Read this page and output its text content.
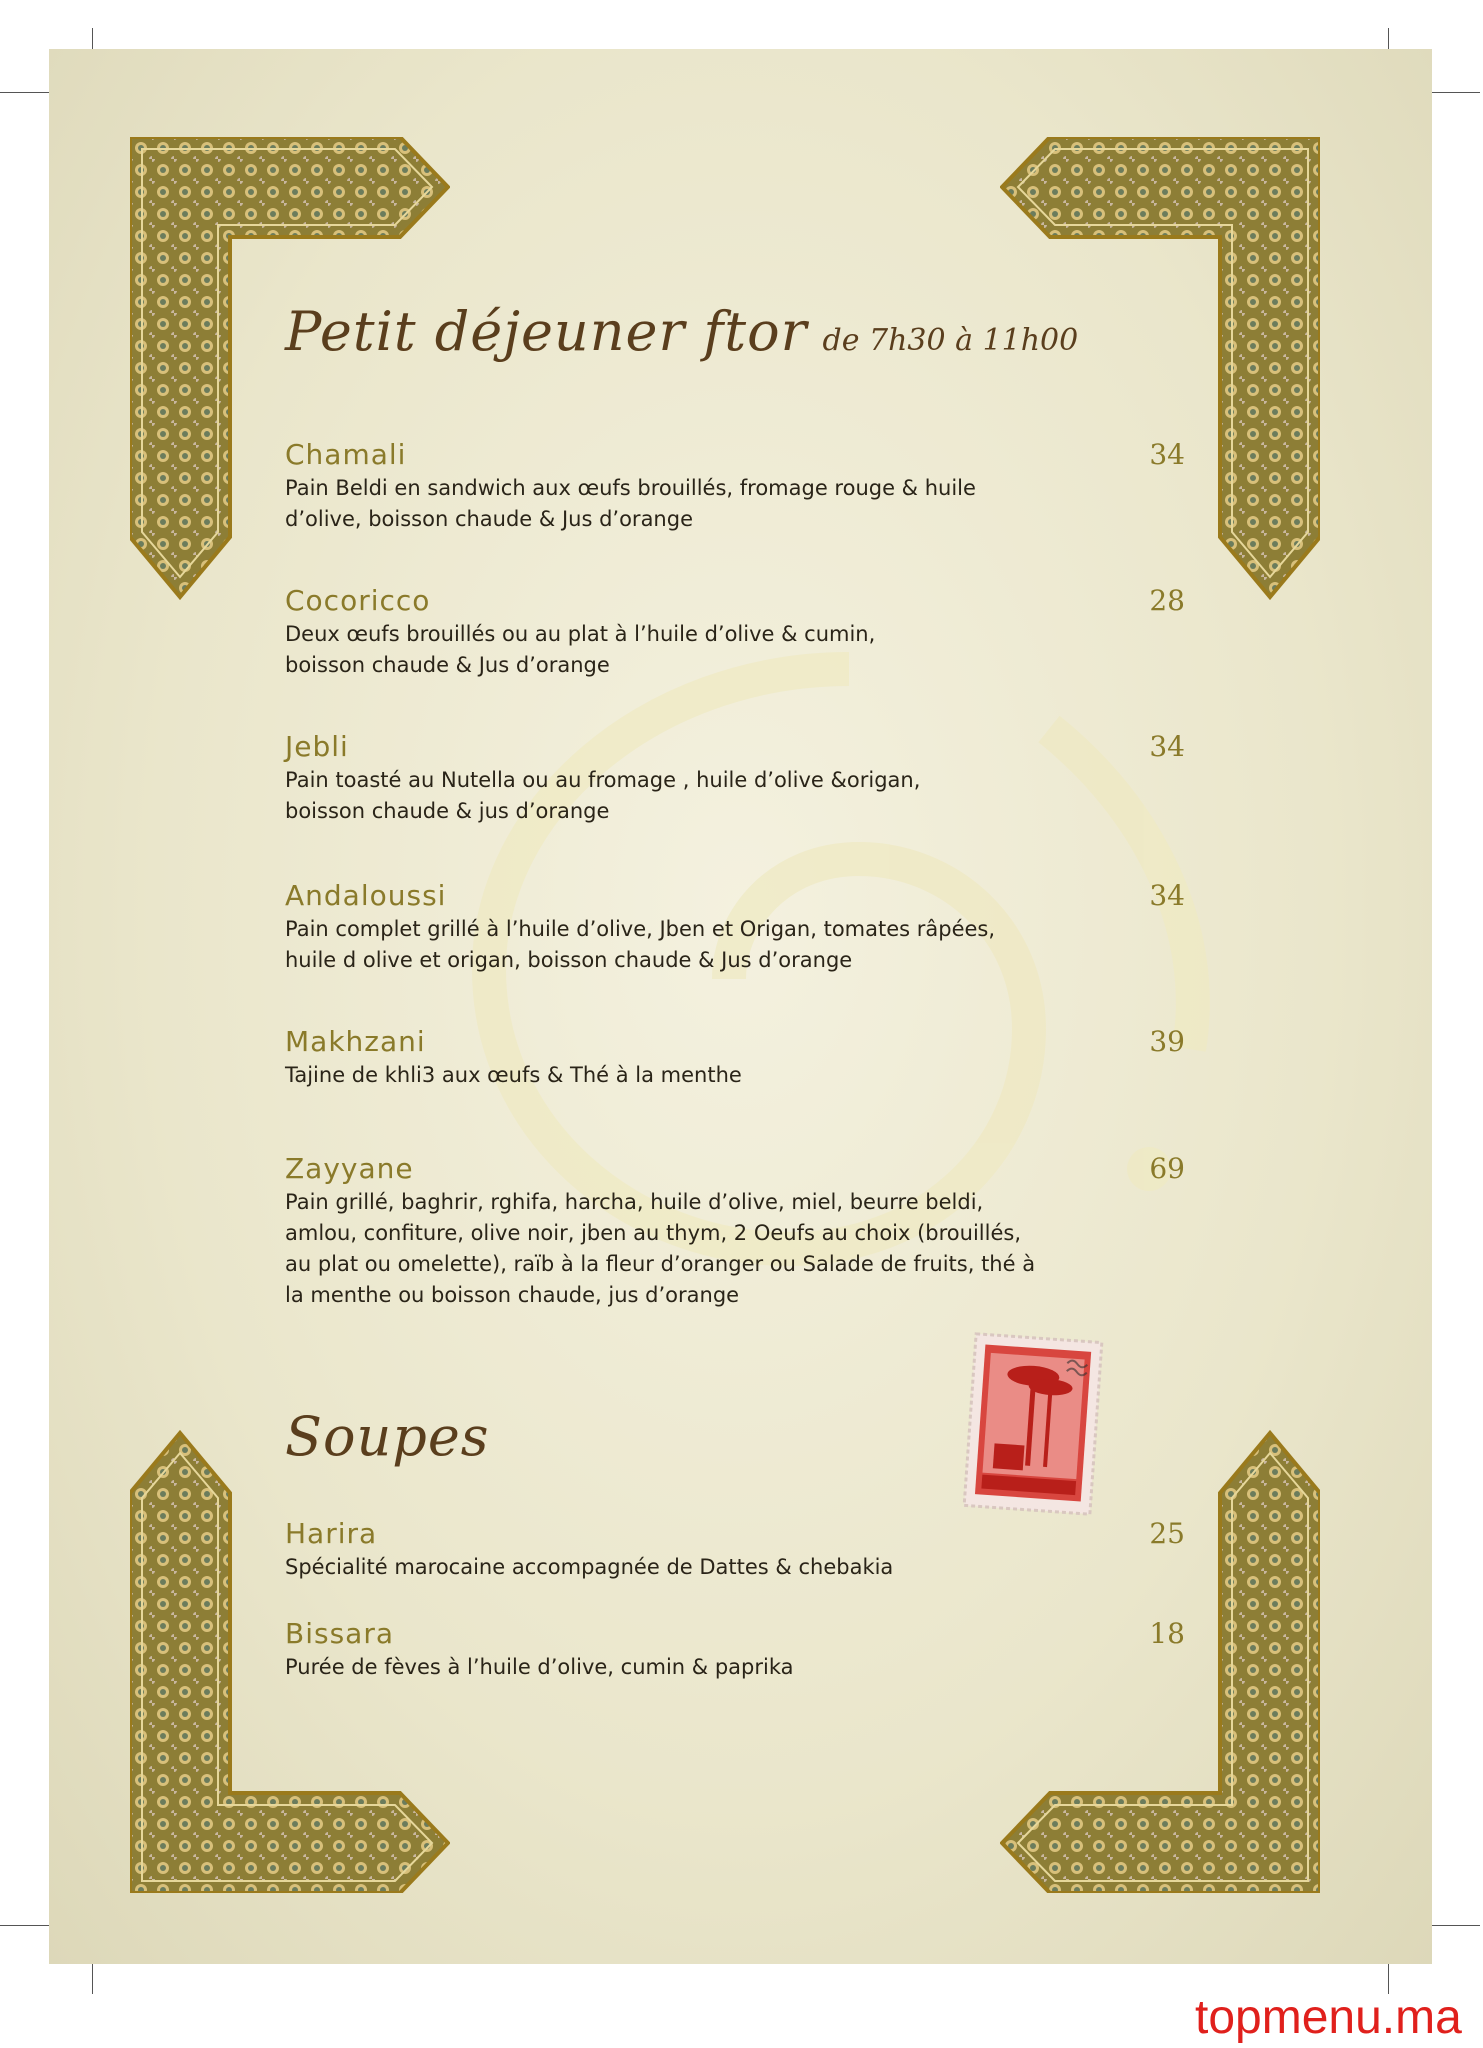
Petit déjeuner ftor de 7h30 à 11h00
Chamali	34
Pain Beldi en sandwich aux œufs brouillés, fromage rouge & huile d’olive, boisson chaude & Jus d’orange
Cocoricco	28
Deux œufs brouillés ou au plat à l’huile d’olive & cumin, boisson chaude & Jus d’orange
Jebli	34
Pain toasté au Nutella ou au fromage , huile d’olive &origan, boisson chaude & jus d’orange
Andaloussi	34
Pain complet grillé à l’huile d’olive, Jben et Origan, tomates râpées, huile d olive et origan, boisson chaude & Jus d’orange
Makhzani	39
Tajine de khli3 aux œufs & Thé à la menthe
Zayyane	69
Pain grillé, baghrir, rghifa, harcha, huile d’olive, miel, beurre beldi, amlou, confiture, olive noir, jben au thym, 2 Oeufs au choix (brouillés, au plat ou omelette), raïb à la fleur d’oranger ou Salade de fruits, thé à la menthe ou boisson chaude, jus d’orange
Soupes
Harira	25
Spécialité marocaine accompagnée de Dattes & chebakia
Bissara	18
Purée de fèves à l’huile d’olive, cumin & paprika
topmenu.ma
